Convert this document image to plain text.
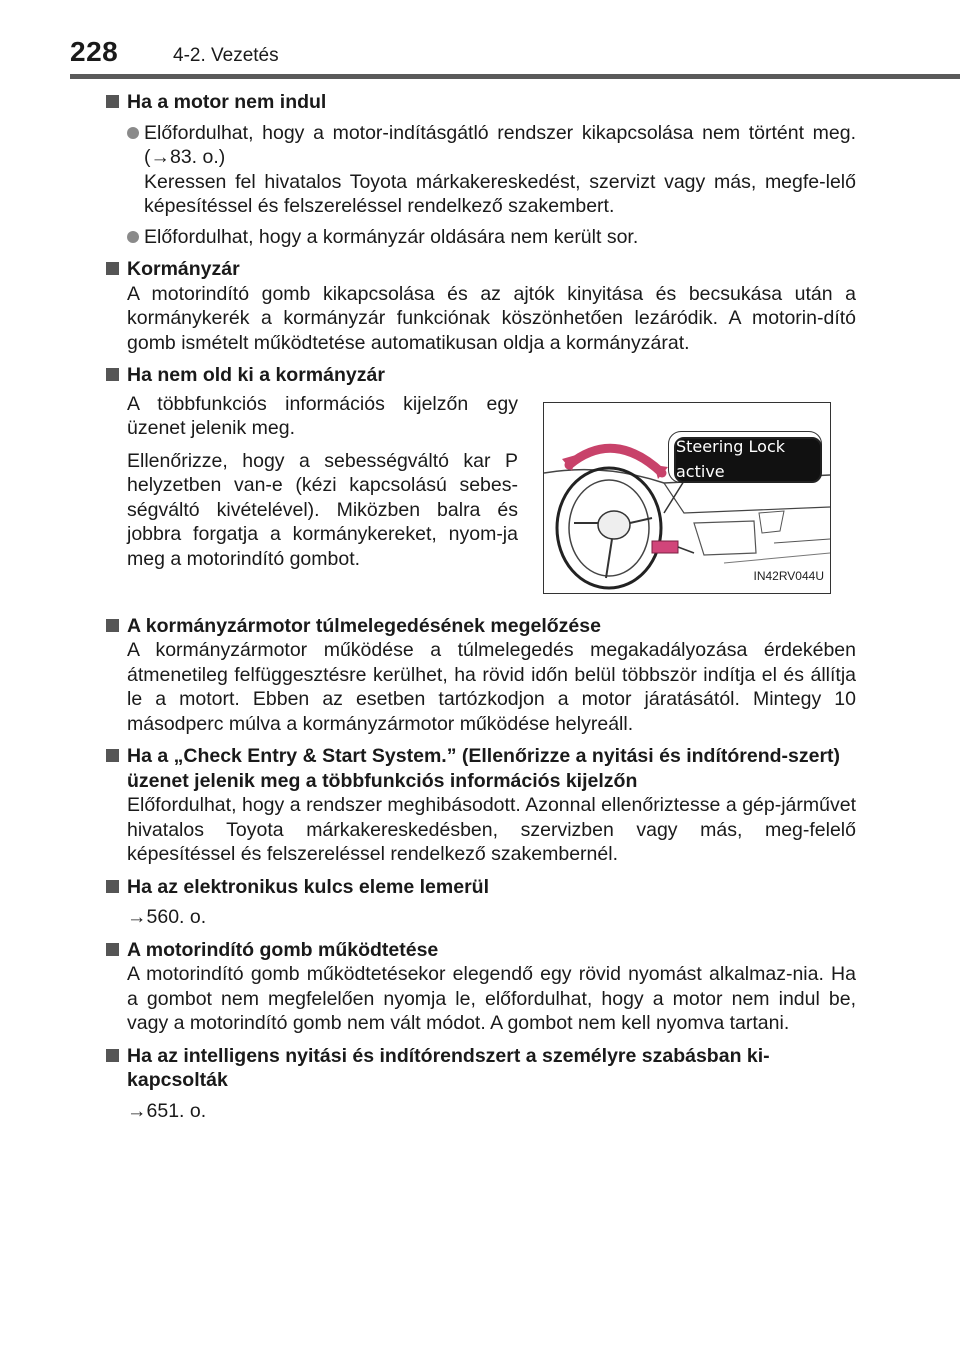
228	4-2. Vezetés
Ha a motor nem indul
Előfordulhat, hogy a motor-indításgátló rendszer kikapcsolása nem történt meg. (→83. o.)
Keressen fel hivatalos Toyota márkakereskedést, szervizt vagy más, megfe-lelő képesítéssel és felszereléssel rendelkező szakembert.
Előfordulhat, hogy a kormányzár oldására nem került sor.
Kormányzár
A motorindító gomb kikapcsolása és az ajtók kinyitása és becsukása után a kormánykerék a kormányzár funkciónak köszönhetően lezáródik. A motorin-dító gomb ismételt működtetése automatikusan oldja a kormányzárat.
Ha nem old ki a kormányzár

A többfunkciós információs kijelzőn egy üzenet jelenik meg.

Ellenőrizze, hogy a sebességváltó kar P helyzetben van-e (kézi kapcsolású sebes-ségváltó kivételével). Miközben balra és jobbra forgatja a kormánykereket, nyom-ja meg a motorindító gombot.

Steering Lock active
IN42RV044U
A kormányzármotor túlmelegedésének megelőzése
A kormányzármotor működése a túlmelegedés megakadályozása érdekében átmenetileg felfüggesztésre kerülhet, ha rövid időn belül többször indítja el és állítja le a motort. Ebben az esetben tartózkodjon a motor járatásától. Mintegy 10 másodperc múlva a kormányzármotor működése helyreáll.
Ha a „Check Entry & Start System.” (Ellenőrizze a nyitási és indítórend-szert) üzenet jelenik meg a többfunkciós információs kijelzőn
Előfordulhat, hogy a rendszer meghibásodott. Azonnal ellenőriztesse a gép-járművet hivatalos Toyota márkakereskedésben, szervizben vagy más, meg-felelő képesítéssel és felszereléssel rendelkező szakembernél.
Ha az elektronikus kulcs eleme lemerül
→560. o.
A motorindító gomb működtetése
A motorindító gomb működtetésekor elegendő egy rövid nyomást alkalmaz-nia. Ha a gombot nem megfelelően nyomja le, előfordulhat, hogy a motor nem indul be, vagy a motorindító gomb nem vált módot. A gombot nem kell nyomva tartani.
Ha az intelligens nyitási és indítórendszert a személyre szabásban ki-kapcsolták
→651. o.
